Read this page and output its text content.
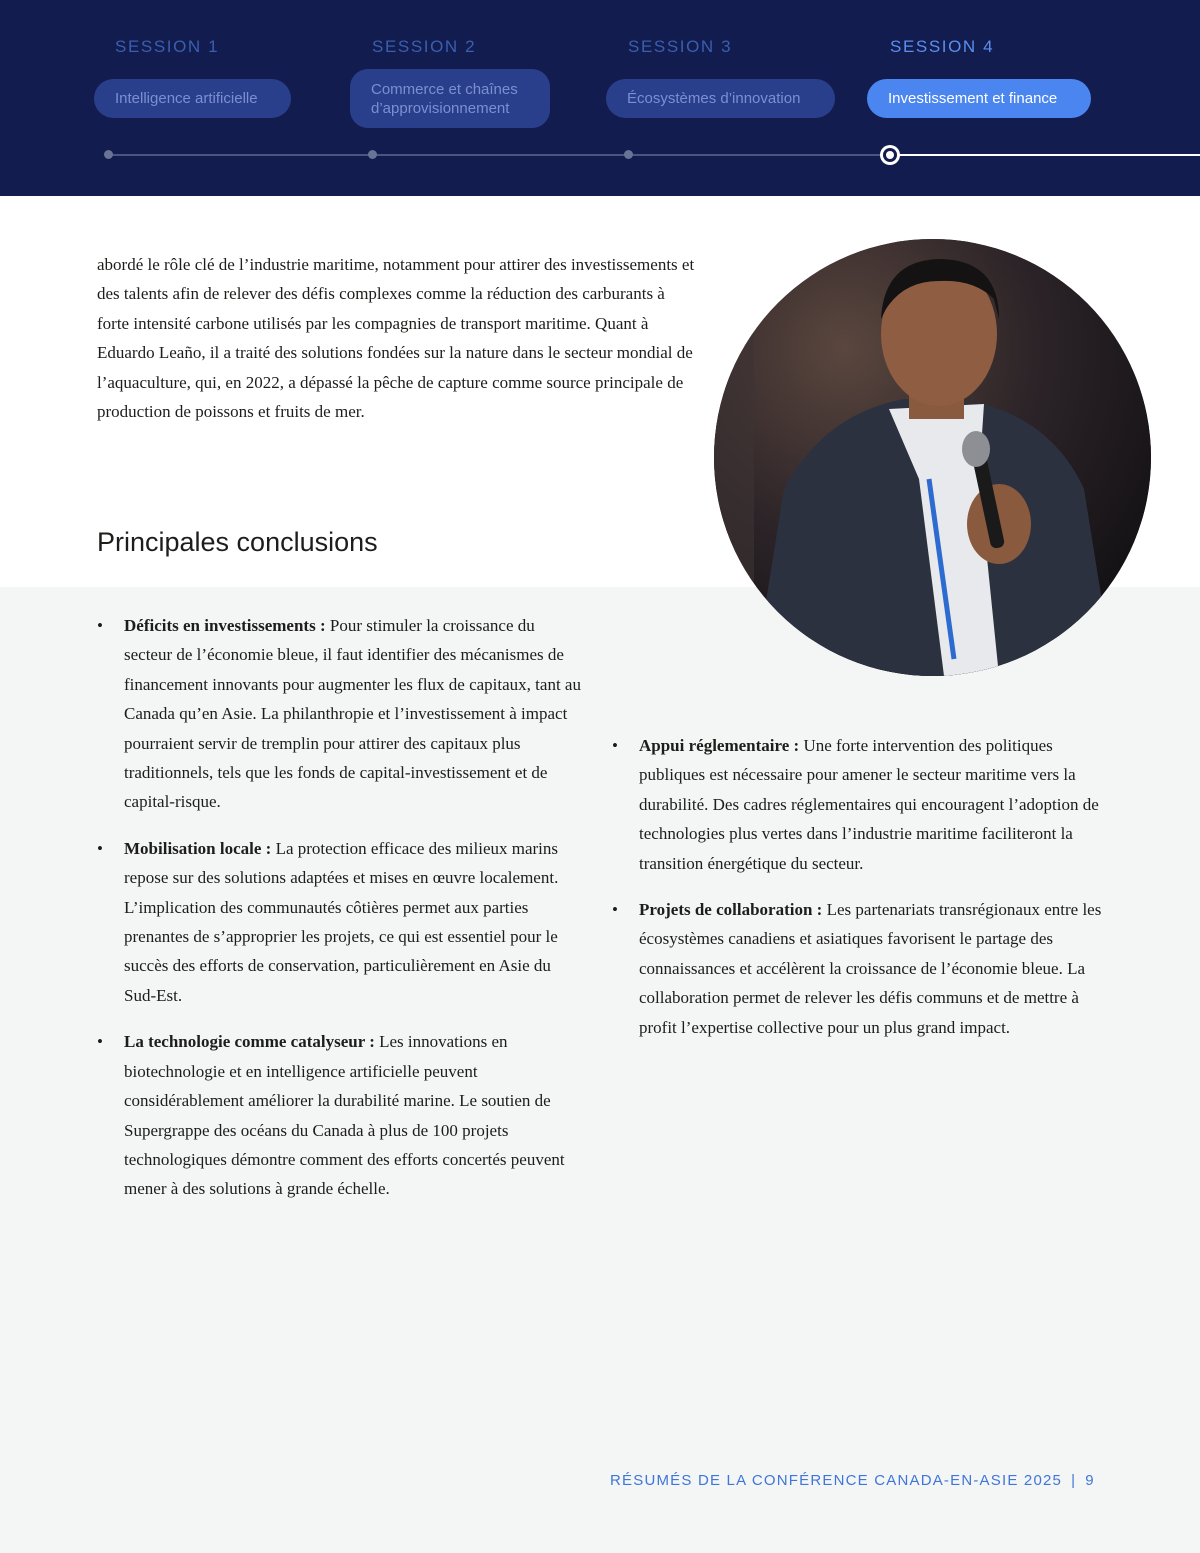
SESSION 1	SESSION 2	SESSION 3	SESSION 4
Intelligence artificielle
Commerce et chaînes d’approvisionnement
Écosystèmes d’innovation	Investissement et finance

abordé le rôle clé de l’industrie maritime, notamment pour attirer des investissements et des talents afin de relever des défis complexes comme la réduction des carburants à forte intensité carbone utilisés par les compagnies de transport maritime. Quant à Eduardo Leaño, il a traité des solutions fondées sur la nature dans le secteur mondial de l’aquaculture, qui, en 2022, a dépassé la pêche de capture comme source principale de production de poissons et fruits de mer.

Principales conclusions
• Déficits en investissements : Pour stimuler la croissance du secteur de l’économie bleue, il faut identifier des mécanismes de financement innovants pour augmenter les flux de capitaux, tant au Canada qu’en Asie. La philanthropie et l’investissement à impact pourraient servir de tremplin pour attirer des capitaux plus traditionnels, tels que les fonds de capital-investissement et de capital-risque.
• Mobilisation locale : La protection efficace des milieux marins repose sur des solutions adaptées et mises en œuvre localement. L’implication des communautés côtières permet aux parties prenantes de s’approprier les projets, ce qui est essentiel pour le succès des efforts de conservation, particulièrement en Asie du Sud-Est.
• La technologie comme catalyseur : Les innovations en biotechnologie et en intelligence artificielle peuvent considérablement améliorer la durabilité marine. Le soutien de Supergrappe des océans du Canada à plus de 100 projets technologiques démontre comment des efforts concertés peuvent mener à des solutions à grande échelle.
• Appui réglementaire : Une forte intervention des politiques publiques est nécessaire pour amener le secteur maritime vers la durabilité. Des cadres réglementaires qui encouragent l’adoption de technologies plus vertes dans l’industrie maritime faciliteront la transition énergétique du secteur.
• Projets de collaboration : Les partenariats transrégionaux entre les écosystèmes canadiens et asiatiques favorisent le partage des connaissances et accélèrent la croissance de l’économie bleue. La collaboration permet de relever les défis communs et de mettre à profit l’expertise collective pour un plus grand impact.
RÉSUMÉS DE LA CONFÉRENCE CANADA-EN-ASIE 2025 | 9
